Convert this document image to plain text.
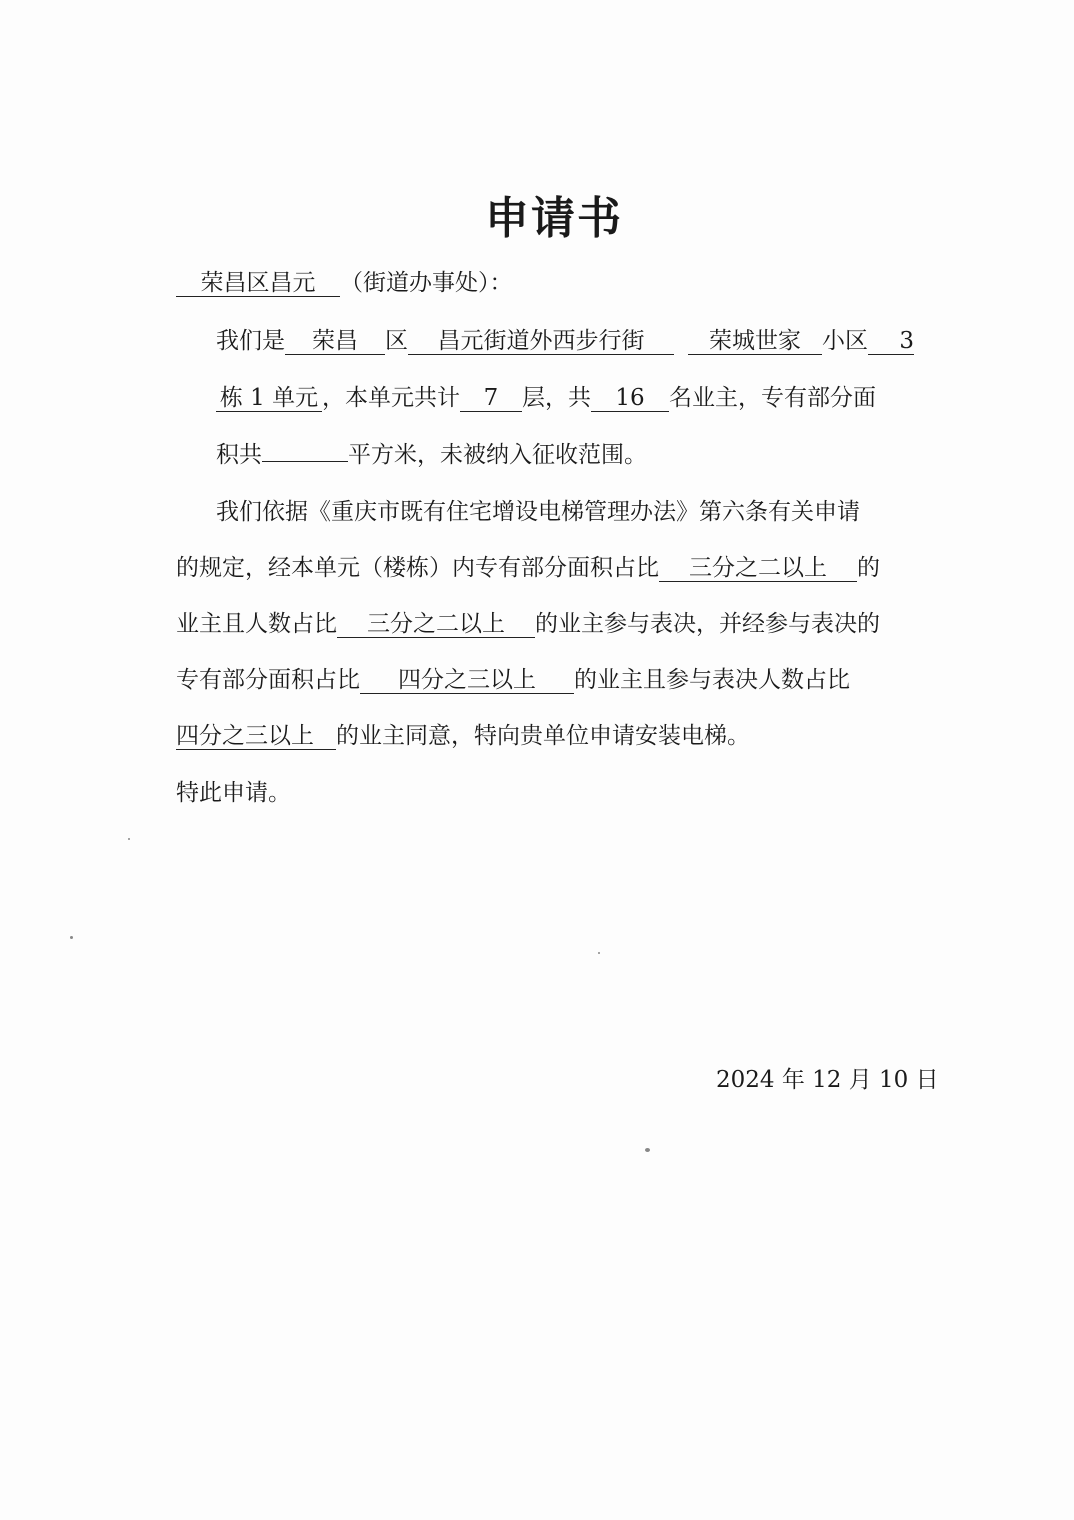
申请书
荣昌区昌元 （街道办事处）：
我们是 荣昌 区 昌元街道外西步行街	荣城世家 小区 3
栋 1 单元 ，本单元共计 7 层，共 16 名业主，专有部分面
积共	平方米，未被纳入征收范围。
我们依据《重庆市既有住宅增设电梯管理办法》第六条有关申请
的规定，经本单元（楼栋）内专有部分面积占比 三分之二以上 的
业主且人数占比 三分之二以上 的业主参与表决，并经参与表决的
专有部分面积占比 四分之三以上 的业主且参与表决人数占比
四分之三以上 的业主同意，特向贵单位申请安装电梯。
特此申请。
2024 年 12 月 10 日
